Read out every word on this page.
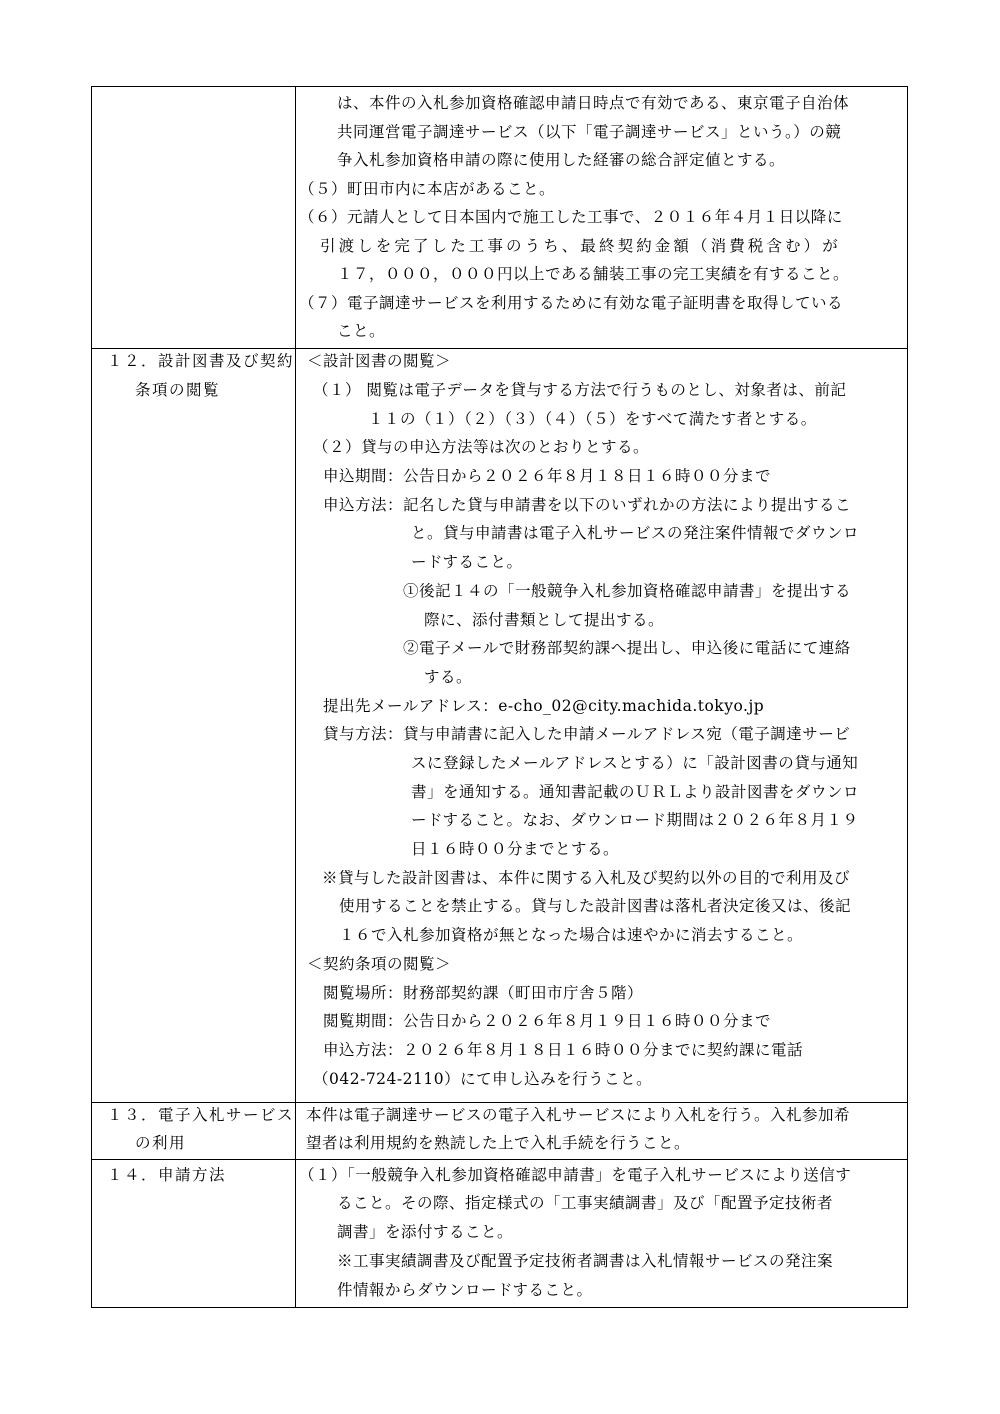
は、本件の入札参加資格確認申請日時点で有効である、東京電子自治体
共同運営電子調達サービス（以下「電子調達サービス」という。）の競
争入札参加資格申請の際に使用した経審の総合評定値とする。
（５）町田市内に本店があること。
（６）元請人として日本国内で施工した工事で、２０１６年４月１日以降に
引渡しを完了した工事のうち、最終契約金額（消費税含む）が
１７，０００，０００円以上である舗装工事の完工実績を有すること。
（７）電子調達サービスを利用するために有効な電子証明書を取得している
こと。
１２．設計図書及び契約
条項の閲覧
＜設計図書の閲覧＞
（１） 閲覧は電子データを貸与する方法で行うものとし、対象者は、前記
１１の（１）（２）（３）（４）（５）をすべて満たす者とする。
（２）貸与の申込方法等は次のとおりとする。
申込期間：公告日から２０２６年８月１８日１６時００分まで
申込方法：記名した貸与申請書を以下のいずれかの方法により提出するこ
と。貸与申請書は電子入札サービスの発注案件情報でダウンロ
ードすること。
①後記１４の「一般競争入札参加資格確認申請書」を提出する
際に、添付書類として提出する。
②電子メールで財務部契約課へ提出し、申込後に電話にて連絡
する。
提出先メールアドレス：e-cho_02@city.machida.tokyo.jp
貸与方法：貸与申請書に記入した申請メールアドレス宛（電子調達サービ
スに登録したメールアドレスとする）に「設計図書の貸与通知
書」を通知する。通知書記載のＵＲＬより設計図書をダウンロ
ードすること。なお、ダウンロード期間は２０２６年８月１９
日１６時００分までとする。
※貸与した設計図書は、本件に関する入札及び契約以外の目的で利用及び
使用することを禁止する。貸与した設計図書は落札者決定後又は、後記
１６で入札参加資格が無となった場合は速やかに消去すること。
＜契約条項の閲覧＞
閲覧場所：財務部契約課（町田市庁舎５階）
閲覧期間：公告日から２０２６年８月１９日１６時００分まで
申込方法：２０２６年８月１８日１６時００分までに契約課に電話
（042-724-2110）にて申し込みを行うこと。
１３．電子入札サービス
の利用
本件は電子調達サービスの電子入札サービスにより入札を行う。入札参加希
望者は利用規約を熟読した上で入札手続を行うこと。
１４．申請方法	（１）「一般競争入札参加資格確認申請書」を電子入札サービスにより送信す
ること。その際、指定様式の「工事実績調書」及び「配置予定技術者
調書」を添付すること。
※工事実績調書及び配置予定技術者調書は入札情報サービスの発注案
件情報からダウンロードすること。
